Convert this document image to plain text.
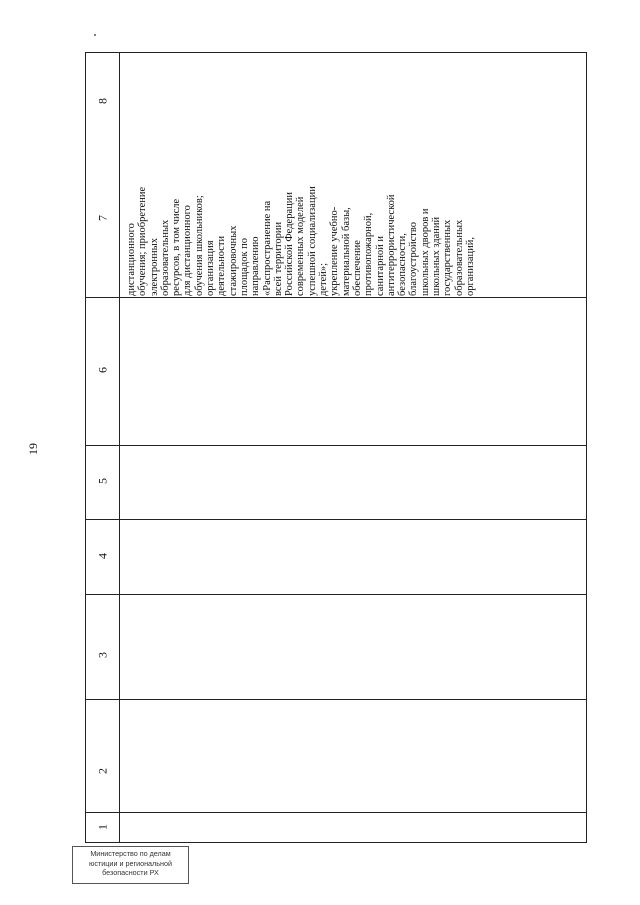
19
2
3
4
5
6
7
8
1
дистанционного обучения; приобретение электронных образовательных ресурсов, в том числе для дистанционного обучения школьников; организация деятельности стажировочных площадок по направлению «Распространение на всей территории Российской Федерации современных моделей успешной социализации детей»; укрепление учебно- материальной базы, обеспечение противопожарной, санитарной и антитеррористической безопасности, благоустройство школьных дворов и школьных зданий государственных образовательных организаций,
Министерство по делам
юстиции и региональной
безопасности РХ
